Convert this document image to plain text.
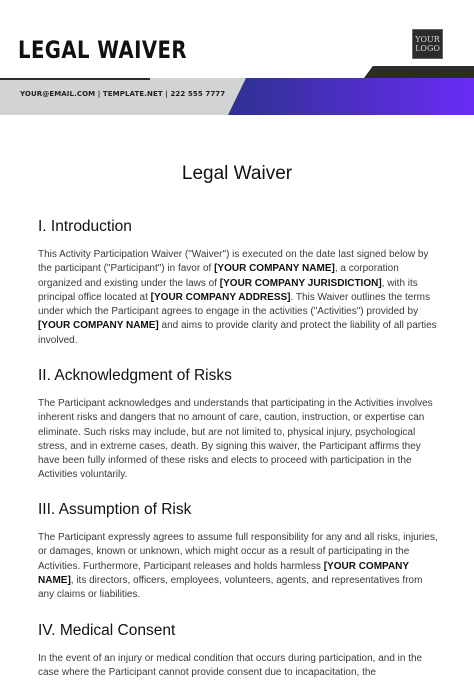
LEGAL WAIVER	YOUR
LOGO

YOUR@EMAIL.COM | TEMPLATE.NET | 222 555 7777

Legal Waiver
I. Introduction

This Activity Participation Waiver ("Waiver") is executed on the date last signed below by the participant ("Participant") in favor of [YOUR COMPANY NAME], a corporation organized and existing under the laws of [YOUR COMPANY JURISDICTION], with its principal office located at [YOUR COMPANY ADDRESS]. This Waiver outlines the terms under which the Participant agrees to engage in the activities ("Activities") provided by [YOUR COMPANY NAME] and aims to provide clarity and protect the liability of all parties involved.

II. Acknowledgment of Risks

The Participant acknowledges and understands that participating in the Activities involves inherent risks and dangers that no amount of care, caution, instruction, or expertise can eliminate. Such risks may include, but are not limited to, physical injury, psychological stress, and in extreme cases, death. By signing this waiver, the Participant affirms they have been fully informed of these risks and elects to proceed with participation in the Activities voluntarily.

III. Assumption of Risk

The Participant expressly agrees to assume full responsibility for any and all risks, injuries, or damages, known or unknown, which might occur as a result of participating in the Activities. Furthermore, Participant releases and holds harmless [YOUR COMPANY NAME], its directors, officers, employees, volunteers, agents, and representatives from any claims or liabilities.

IV. Medical Consent

In the event of an injury or medical condition that occurs during participation, and in the case where the Participant cannot provide consent due to incapacitation, the
